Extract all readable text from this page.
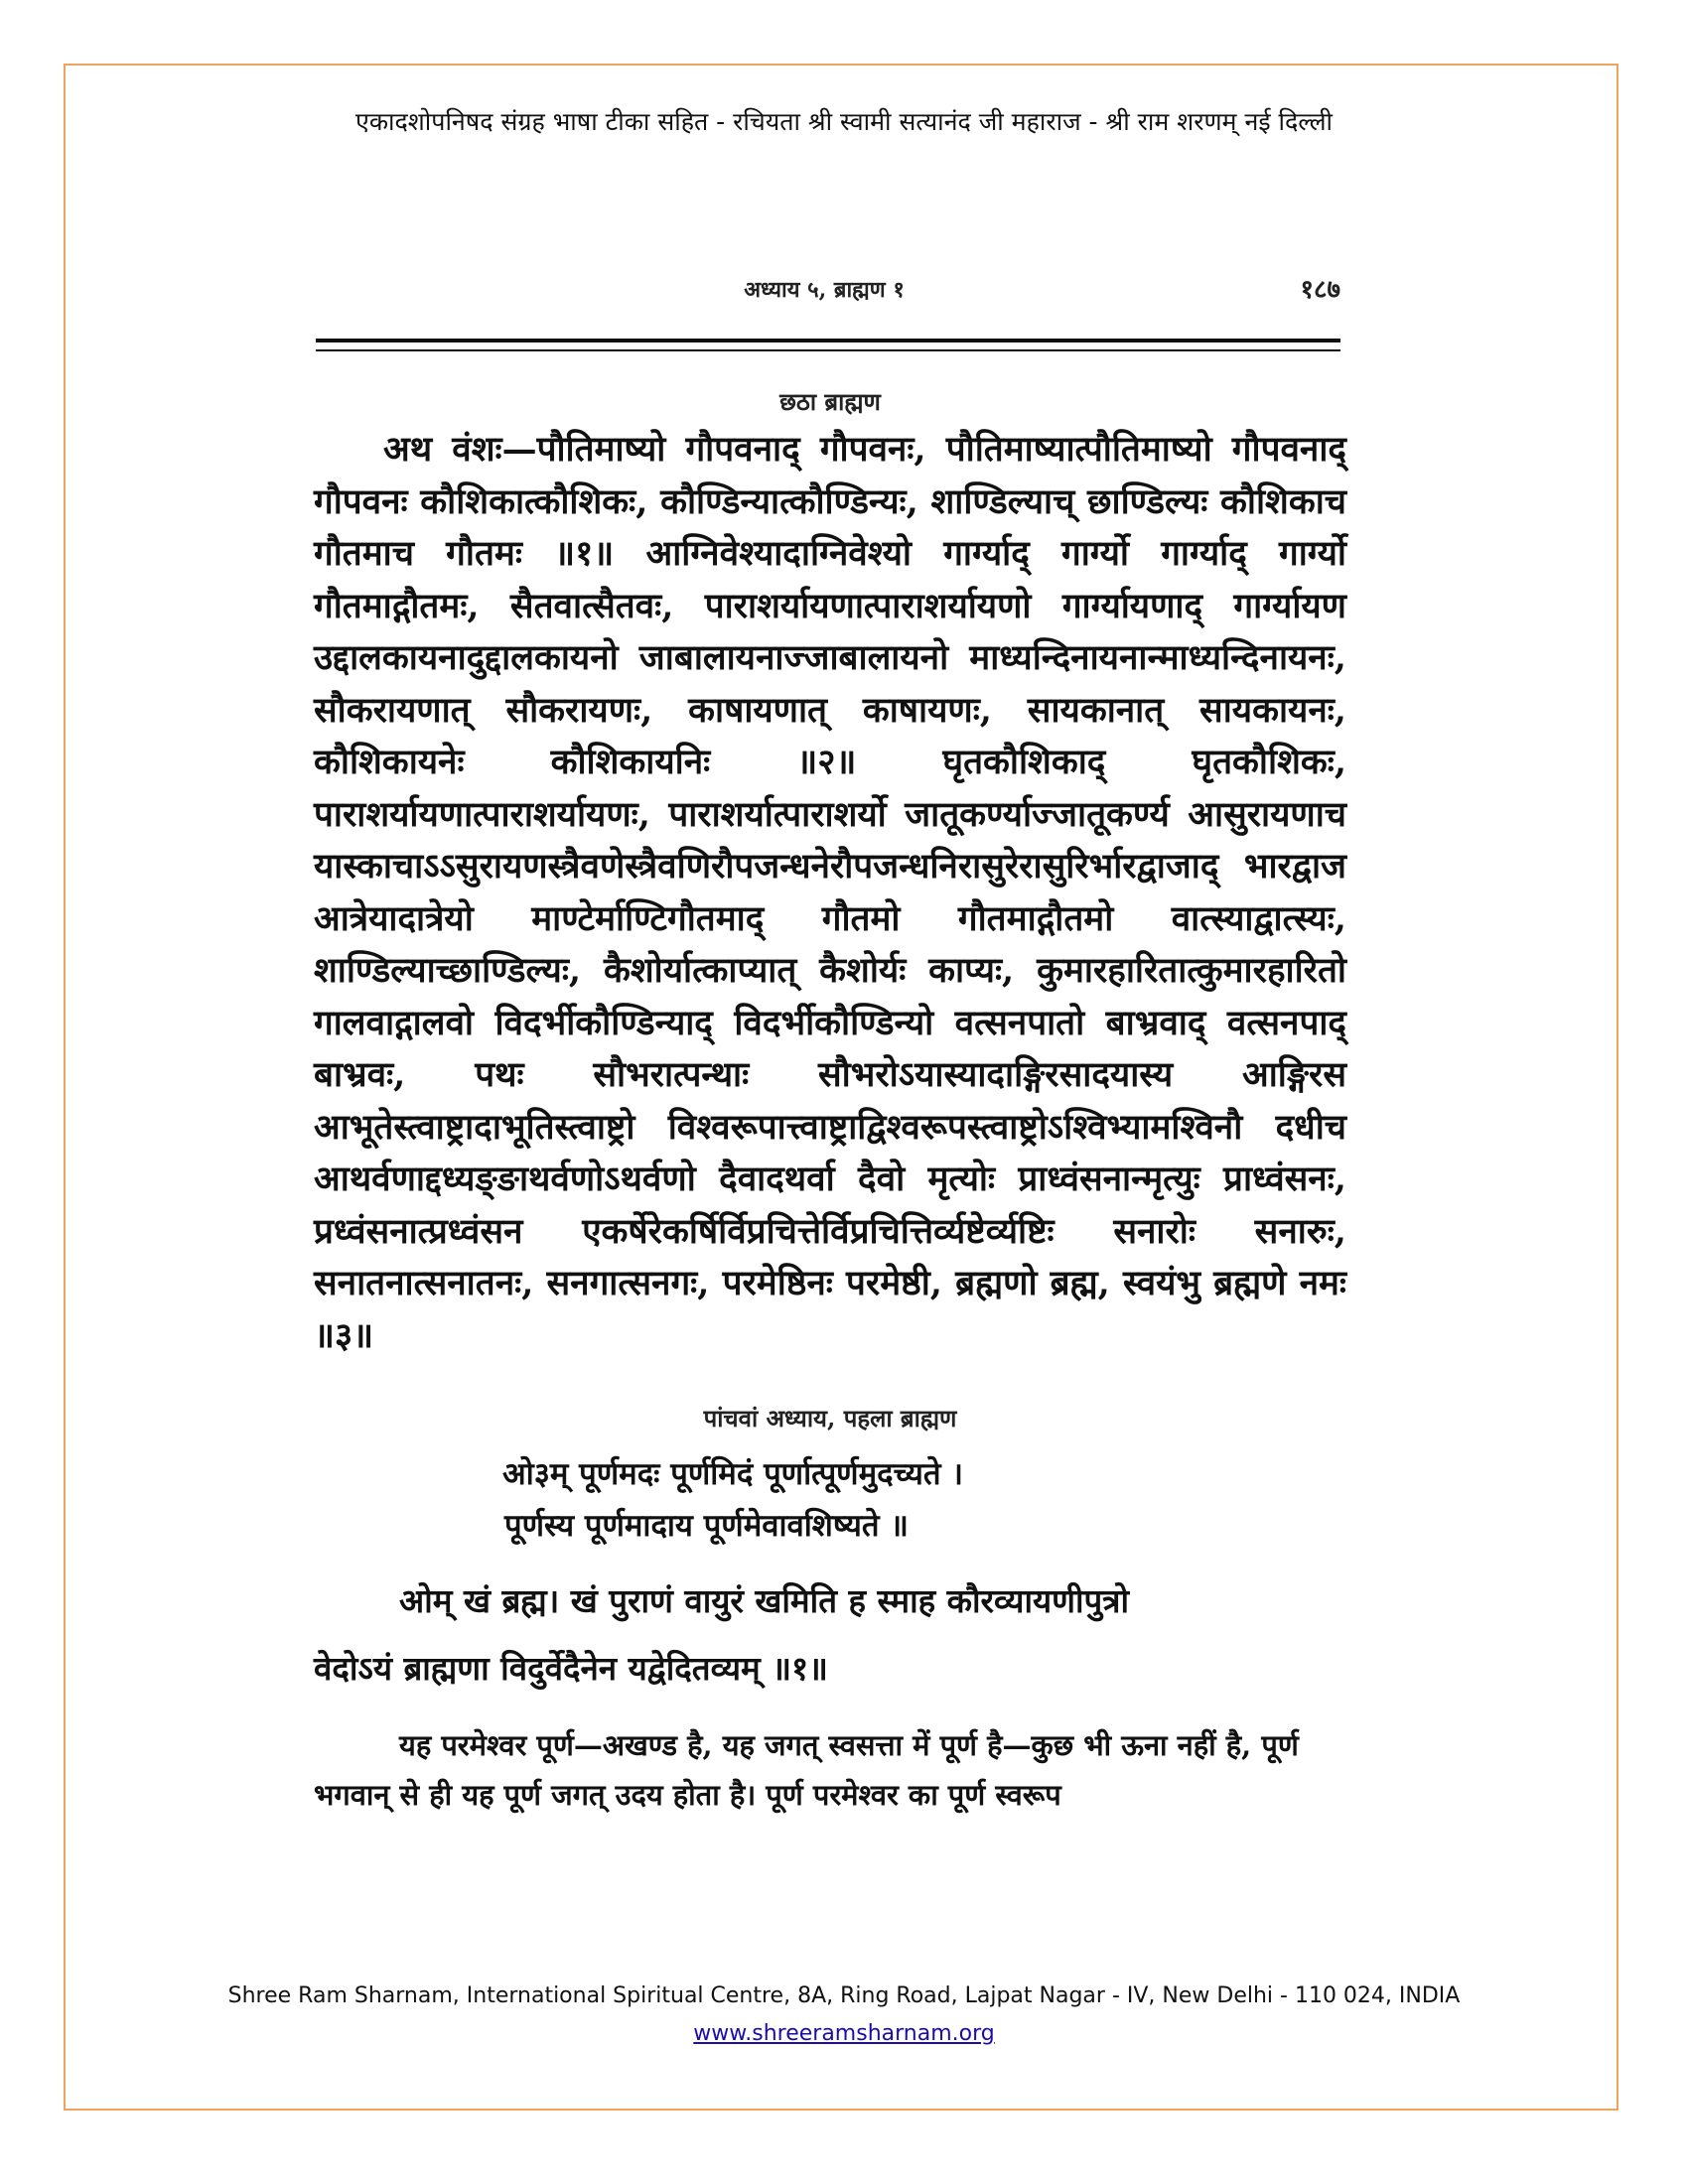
एकादशोपनिषद संग्रह भाषा टीका सहित - रचियता श्री स्वामी सत्यानंद जी महाराज - श्री राम शरणम् नई दिल्ली
अध्याय ५, ब्राह्मण १	१८७
छठा ब्राह्मण

अथ वंशः—पौतिमाष्यो गौपवनाद् गौपवनः, पौतिमाष्यात्पौतिमाष्यो गौपवनाद् गौपवनः कौशिकात्कौशिकः, कौण्डिन्यात्कौण्डिन्यः, शाण्डिल्याच् छाण्डिल्यः कौशिकाच गौतमाच गौतमः ॥१॥ आग्निवेश्यादाग्निवेश्यो गार्ग्याद् गार्ग्यो गार्ग्याद् गार्ग्यो गौतमाद्गौतमः, सैतवात्सैतवः, पाराशर्यायणात्पाराशर्यायणो गार्ग्यायणाद् गार्ग्यायण उद्दालकायनादुद्दालकायनो जाबालायनाज्जाबालायनो माध्यन्दिनायनान्माध्यन्दिनायनः, सौकरायणात् सौकरायणः, काषायणात् काषायणः, सायकानात् सायकायनः, कौशिकायनेः कौशिकायनिः ॥२॥ घृतकौशिकाद् घृतकौशिकः, पाराशर्यायणात्पाराशर्यायणः, पाराशर्यात्पाराशर्यो जातूकर्ण्याज्जातूकर्ण्य आसुरायणाच यास्काचाऽऽसुरायणस्त्रैवणेस्त्रैवणिरौपजन्धनेरौपजन्धनिरासुरेरासुरिर्भारद्वाजाद् भारद्वाज आत्रेयादात्रेयो माण्टेर्माण्टिगौतमाद् गौतमो गौतमाद्गौतमो वात्स्याद्वात्स्यः, शाण्डिल्याच्छाण्डिल्यः, कैशोर्यात्काप्यात् कैशोर्यः काप्यः, कुमारहारितात्कुमारहारितो गालवाद्गालवो विदर्भीकौण्डिन्याद् विदर्भीकौण्डिन्यो वत्सनपातो बाभ्रवाद् वत्सनपाद् बाभ्रवः, पथः सौभरात्पन्थाः सौभरोऽयास्यादाङ्गिरसादयास्य आङ्गिरस आभूतेस्त्वाष्ट्रादाभूतिस्त्वाष्ट्रो विश्वरूपात्त्वाष्ट्राद्विश्वरूपस्त्वाष्ट्रोऽश्विभ्यामश्विनौ दधीच आथर्वणाद्दध्यङ्ङाथर्वणोऽथर्वणो दैवादथर्वा दैवो मृत्योः प्राध्वंसनान्मृत्युः प्राध्वंसनः, प्रध्वंसनात्प्रध्वंसन एकर्षेरेकर्षिर्विप्रचित्तेर्विप्रचित्तिर्व्यष्टेर्व्यष्टिः सनारोः सनारुः, सनातनात्सनातनः, सनगात्सनगः, परमेष्ठिनः परमेष्ठी, ब्रह्मणो ब्रह्म, स्वयंभु ब्रह्मणे नमः ॥३॥

पांचवां अध्याय, पहला ब्राह्मण

ओ३म् पूर्णमदः पूर्णमिदं पूर्णात्पूर्णमुदच्यते ।

पूर्णस्य पूर्णमादाय पूर्णमेवावशिष्यते ॥

ओम् खं ब्रह्म। खं पुराणं वायुरं खमिति ह स्माह कौरव्यायणीपुत्रो
वेदोऽयं ब्राह्मणा विदुर्वेदैनेन यद्वेदितव्यम् ॥१॥

यह परमेश्वर पूर्ण—अखण्ड है, यह जगत् स्वसत्ता में पूर्ण है—कुछ भी ऊना नहीं है, पूर्ण भगवान् से ही यह पूर्ण जगत् उदय होता है। पूर्ण परमेश्वर का पूर्ण स्वरूप

Shree Ram Sharnam, International Spiritual Centre, 8A, Ring Road, Lajpat Nagar - IV, New Delhi - 110 024, INDIA
www.shreeramsharnam.org
